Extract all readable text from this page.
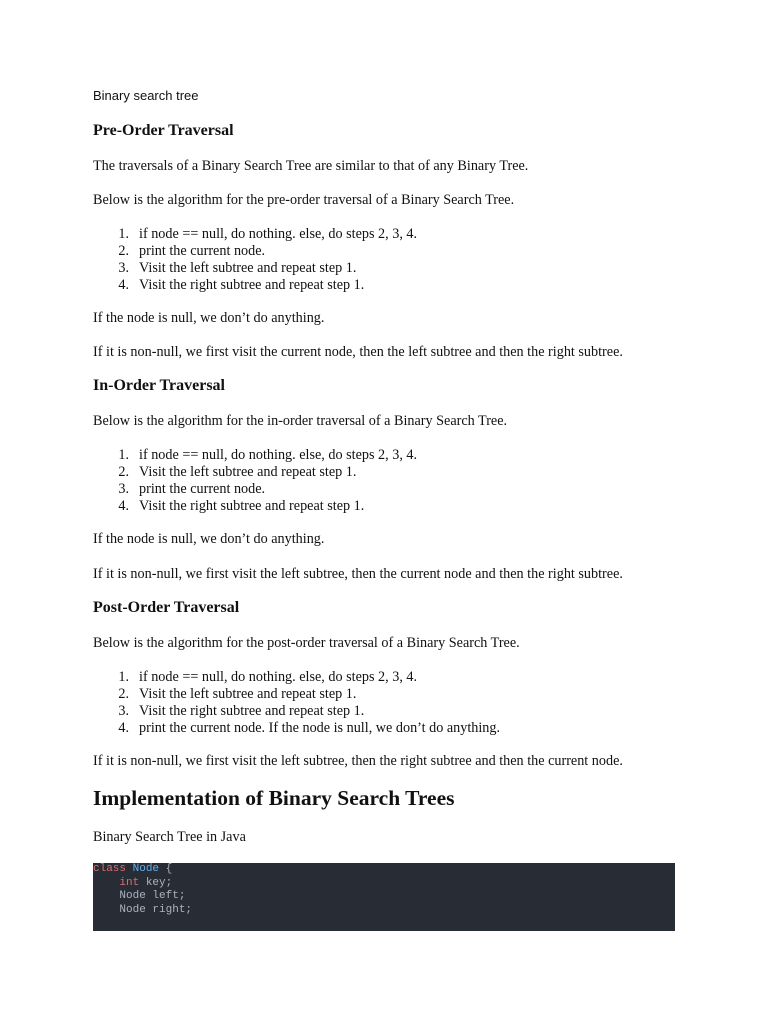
Binary search tree
Pre-Order Traversal
The traversals of a Binary Search Tree are similar to that of any Binary Tree.
Below is the algorithm for the pre-order traversal of a Binary Search Tree.
1. if node == null, do nothing. else, do steps 2, 3, 4.
2. print the current node.
3. Visit the left subtree and repeat step 1.
4. Visit the right subtree and repeat step 1.
If the node is null, we don’t do anything.
If it is non-null, we first visit the current node, then the left subtree and then the right subtree.
In-Order Traversal
Below is the algorithm for the in-order traversal of a Binary Search Tree.
1. if node == null, do nothing. else, do steps 2, 3, 4.
2. Visit the left subtree and repeat step 1.
3. print the current node.
4. Visit the right subtree and repeat step 1.
If the node is null, we don’t do anything.
If it is non-null, we first visit the left subtree, then the current node and then the right subtree.
Post-Order Traversal
Below is the algorithm for the post-order traversal of a Binary Search Tree.
1. if node == null, do nothing. else, do steps 2, 3, 4.
2. Visit the left subtree and repeat step 1.
3. Visit the right subtree and repeat step 1.
4. print the current node. If the node is null, we don’t do anything.
If it is non-null, we first visit the left subtree, then the right subtree and then the current node.
Implementation of Binary Search Trees
Binary Search Tree in Java
class Node {
int key;
Node left;
Node right;
